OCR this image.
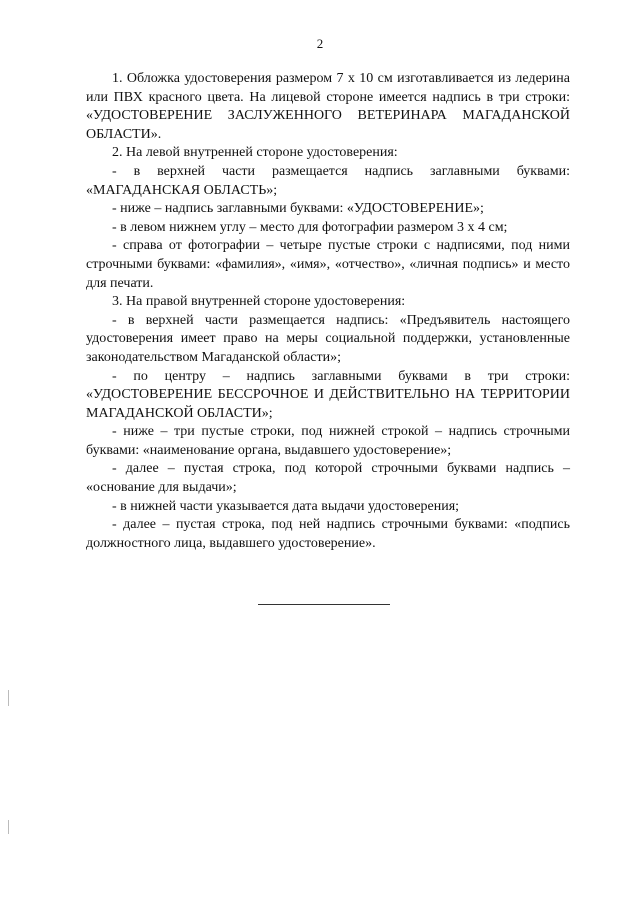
2

1. Обложка удостоверения размером 7 х 10 см изготавливается из ледерина или ПВХ красного цвета. На лицевой стороне имеется надпись в три строки: «УДОСТОВЕРЕНИЕ ЗАСЛУЖЕННОГО ВЕТЕРИНАРА МАГАДАНСКОЙ ОБЛАСТИ».

2. На левой внутренней стороне удостоверения:

- в верхней части размещается надпись заглавными буквами: «МАГАДАНСКАЯ ОБЛАСТЬ»;

- ниже – надпись заглавными буквами: «УДОСТОВЕРЕНИЕ»;

- в левом нижнем углу – место для фотографии размером 3 х 4 см;

- справа от фотографии – четыре пустые строки с надписями, под ними строчными буквами: «фамилия», «имя», «отчество», «личная подпись» и место для печати.

3. На правой внутренней стороне удостоверения:

- в верхней части размещается надпись: «Предъявитель настоящего удостоверения имеет право на меры социальной поддержки, установленные законодательством Магаданской области»;

- по центру – надпись заглавными буквами в три строки: «УДОСТОВЕРЕНИЕ БЕССРОЧНОЕ И ДЕЙСТВИТЕЛЬНО НА ТЕРРИТОРИИ МАГАДАНСКОЙ ОБЛАСТИ»;

- ниже – три пустые строки, под нижней строкой – надпись строчными буквами: «наименование органа, выдавшего удостоверение»;

- далее – пустая строка, под которой строчными буквами надпись – «основание для выдачи»;

- в нижней части указывается дата выдачи удостоверения;

- далее – пустая строка, под ней надпись строчными буквами: «подпись должностного лица, выдавшего удостоверение».
